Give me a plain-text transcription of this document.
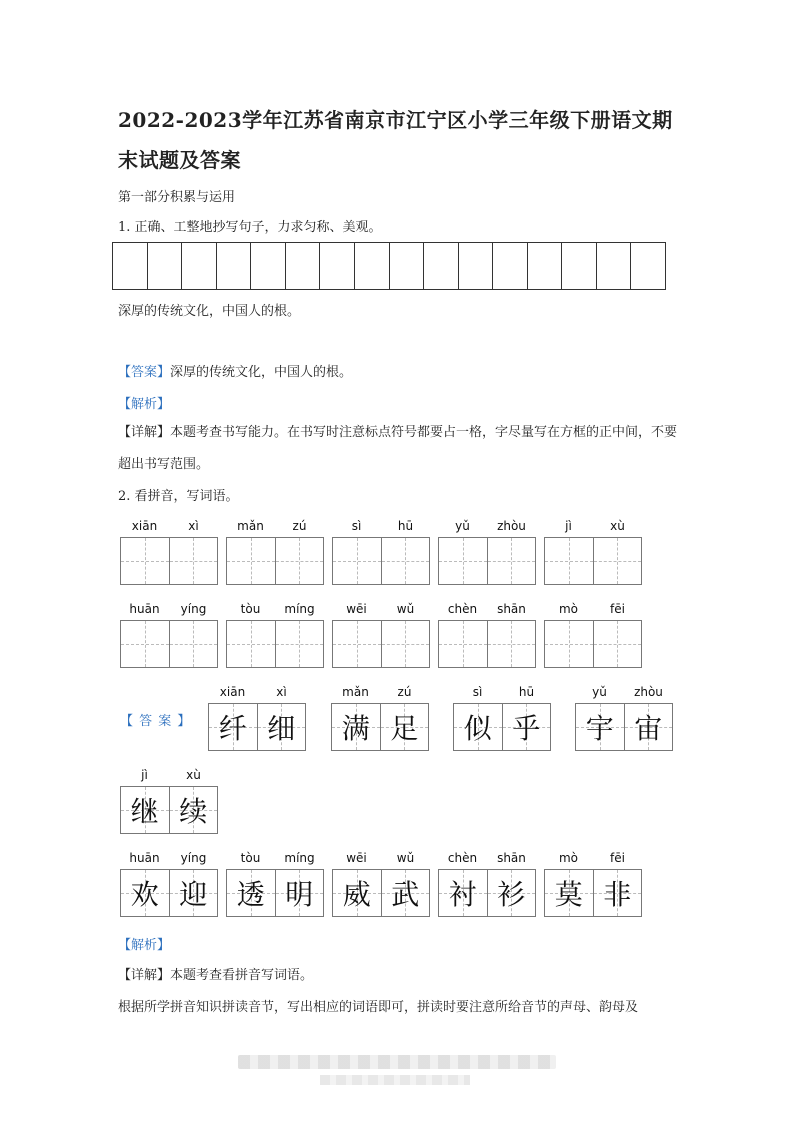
2022-2023学年江苏省南京市江宁区小学三年级下册语文期末试题及答案
第一部分积累与运用
1. 正确、工整地抄写句子，力求匀称、美观。
深厚的传统文化，中国人的根。
【答案】深厚的传统文化，中国人的根。
【解析】
【详解】本题考查书写能力。在书写时注意标点符号都要占一格，字尽量写在方框的正中间，不要超出书写范围。
2. 看拼音，写词语。
xiān	xì	mǎn	zú	sì	hū	yǔ	zhòu	jì	xù
huān	yíng	tòu	míng	wēi	wǔ	chèn	shān	mò	fēi
【 答 案 】
xiān	xì
纤 细
mǎn	zú
满 足
sì	hū
似 乎
yǔ	zhòu
宇 宙
jì	xù
继 续
huān	yíng
欢 迎
tòu	míng
透 明
wēi	wǔ
威 武
chèn	shān
衬 衫
mò	fēi
莫 非
【解析】
【详解】本题考查看拼音写词语。
根据所学拼音知识拼读音节，写出相应的词语即可，拼读时要注意所给音节的声母、韵母及
